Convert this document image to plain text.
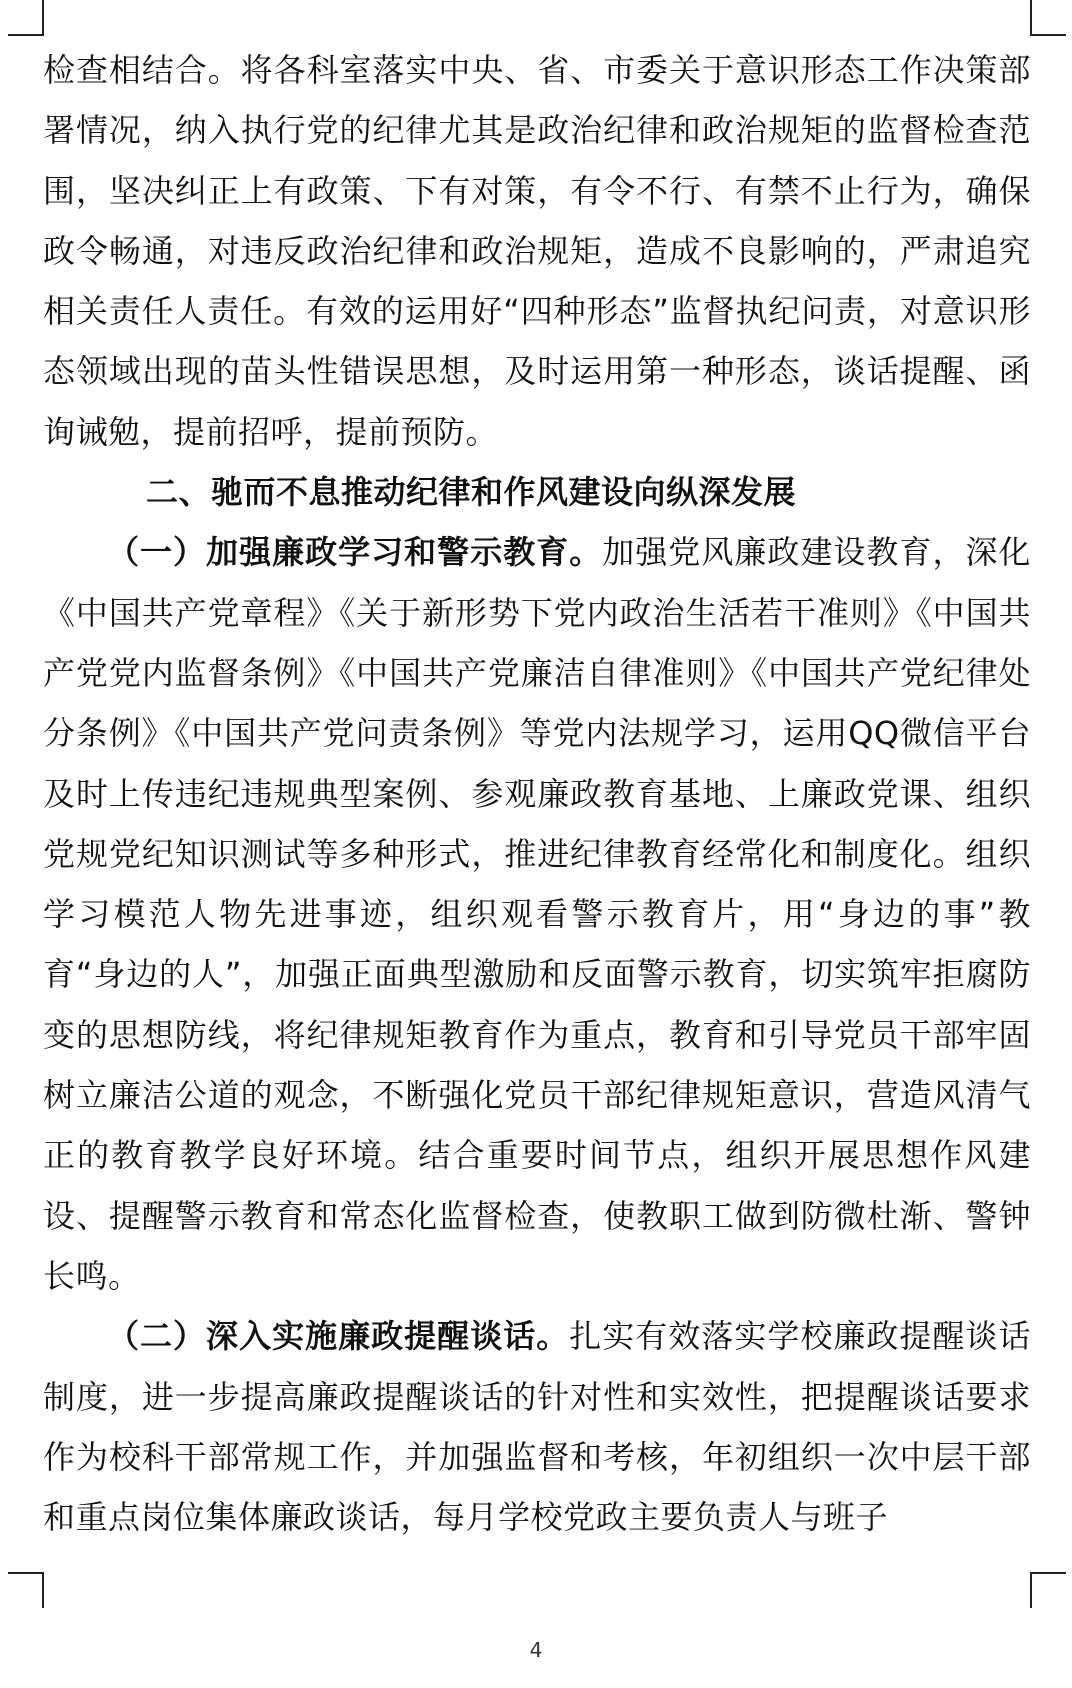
检查相结合。将各科室落实中央、省、市委关于意识形态工作决策部署情况，纳入执行党的纪律尤其是政治纪律和政治规矩的监督检查范围，坚决纠正上有政策、下有对策，有令不行、有禁不止行为，确保政令畅通，对违反政治纪律和政治规矩，造成不良影响的，严肃追究相关责任人责任。有效的运用好“四种形态”监督执纪问责，对意识形态领域出现的苗头性错误思想，及时运用第一种形态，谈话提醒、函询诫勉，提前招呼，提前预防。

二、驰而不息推动纪律和作风建设向纵深发展

（一）加强廉政学习和警示教育。加强党风廉政建设教育，深化《中国共产党章程》《关于新形势下党内政治生活若干准则》《中国共产党党内监督条例》《中国共产党廉洁自律准则》《中国共产党纪律处分条例》《中国共产党问责条例》等党内法规学习，运用QQ微信平台及时上传违纪违规典型案例、参观廉政教育基地、上廉政党课、组织党规党纪知识测试等多种形式，推进纪律教育经常化和制度化。组织学习模范人物先进事迹，组织观看警示教育片，用“身边的事”教育“身边的人”，加强正面典型激励和反面警示教育，切实筑牢拒腐防变的思想防线，将纪律规矩教育作为重点，教育和引导党员干部牢固树立廉洁公道的观念，不断强化党员干部纪律规矩意识，营造风清气正的教育教学良好环境。结合重要时间节点，组织开展思想作风建设、提醒警示教育和常态化监督检查，使教职工做到防微杜渐、警钟长鸣。

（二）深入实施廉政提醒谈话。扎实有效落实学校廉政提醒谈话制度，进一步提高廉政提醒谈话的针对性和实效性，把提醒谈话要求作为校科干部常规工作，并加强监督和考核，年初组织一次中层干部和重点岗位集体廉政谈话，每月学校党政主要负责人与班子

4
